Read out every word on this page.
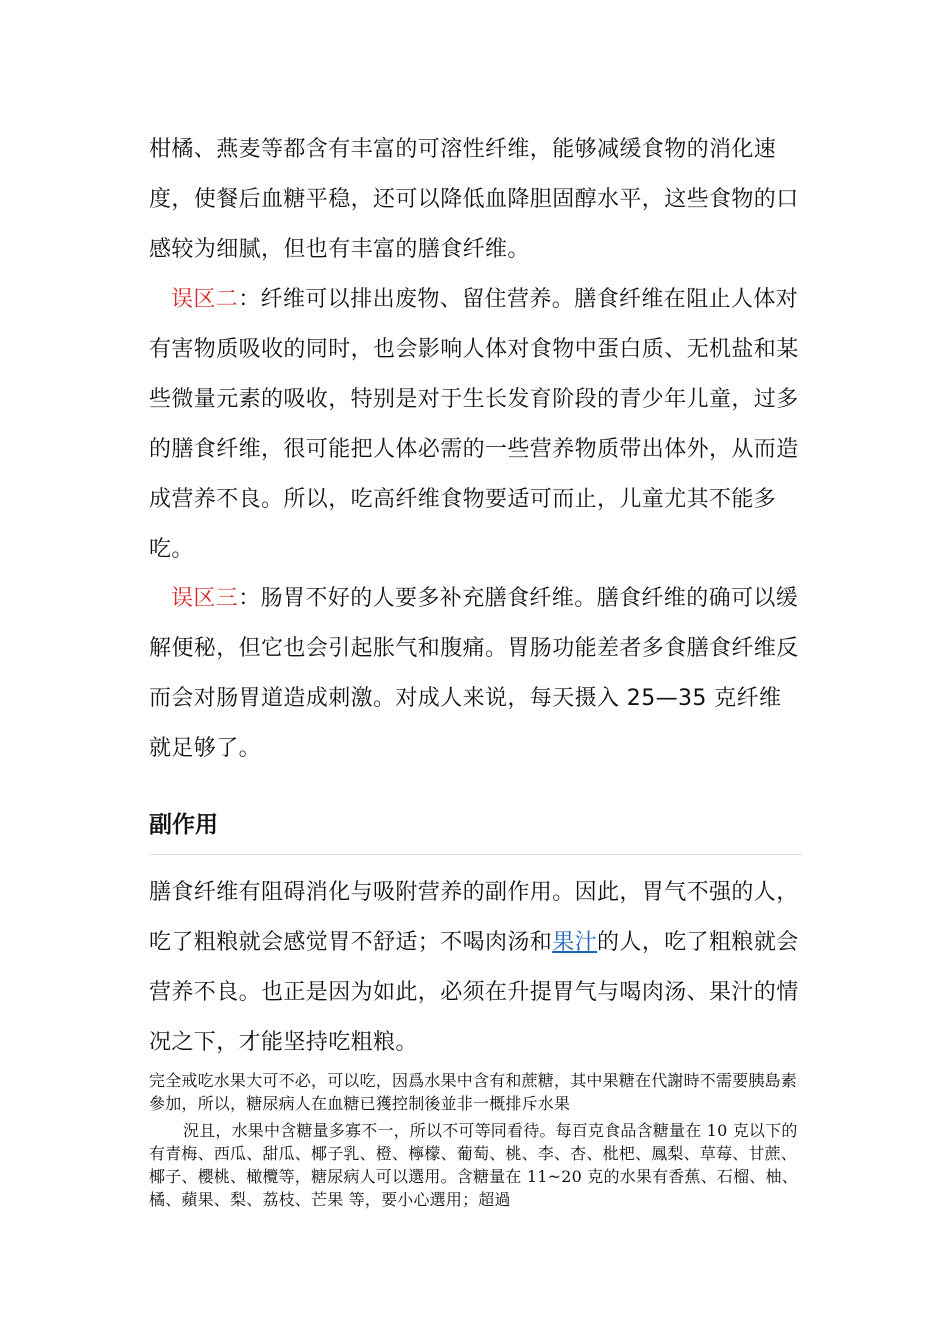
柑橘、燕麦等都含有丰富的可溶性纤维，能够减缓食物的消化速度，使餐后血糖平稳，还可以降低血降胆固醇水平，这些食物的口感较为细腻，但也有丰富的膳食纤维。
误区二：纤维可以排出废物、留住营养。膳食纤维在阻止人体对有害物质吸收的同时，也会影响人体对食物中蛋白质、无机盐和某些微量元素的吸收，特别是对于生长发育阶段的青少年儿童，过多的膳食纤维，很可能把人体必需的一些营养物质带出体外，从而造成营养不良。所以，吃高纤维食物要适可而止，儿童尤其不能多吃。
误区三：肠胃不好的人要多补充膳食纤维。膳食纤维的确可以缓解便秘，但它也会引起胀气和腹痛。胃肠功能差者多食膳食纤维反而会对肠胃道造成刺激。对成人来说，每天摄入 25—35 克纤维就足够了。
副作用
膳食纤维有阻碍消化与吸附营养的副作用。因此，胃气不强的人，吃了粗粮就会感觉胃不舒适；不喝肉汤和果汁的人，吃了粗粮就会营养不良。也正是因为如此，必须在升提胃气与喝肉汤、果汁的情况之下，才能坚持吃粗粮。
完全戒吃水果大可不必，可以吃，因爲水果中含有和蔗糖，其中果糖在代謝時不需要胰島素參加，所以，糖尿病人在血糖已獲控制後並非一概排斥水果
況且，水果中含糖量多寡不一，所以不可等同看待。每百克食品含糖量在 10 克以下的有青梅、西瓜、甜瓜、椰子乳、橙、檸檬、葡萄、桃、李、杏、枇杷、鳳梨、草莓、甘蔗、椰子、櫻桃、橄欖等，糖尿病人可以選用。含糖量在 11~20 克的水果有香蕉、石榴、柚、橘、蘋果、梨、荔枝、芒果 等，要小心選用；超過
